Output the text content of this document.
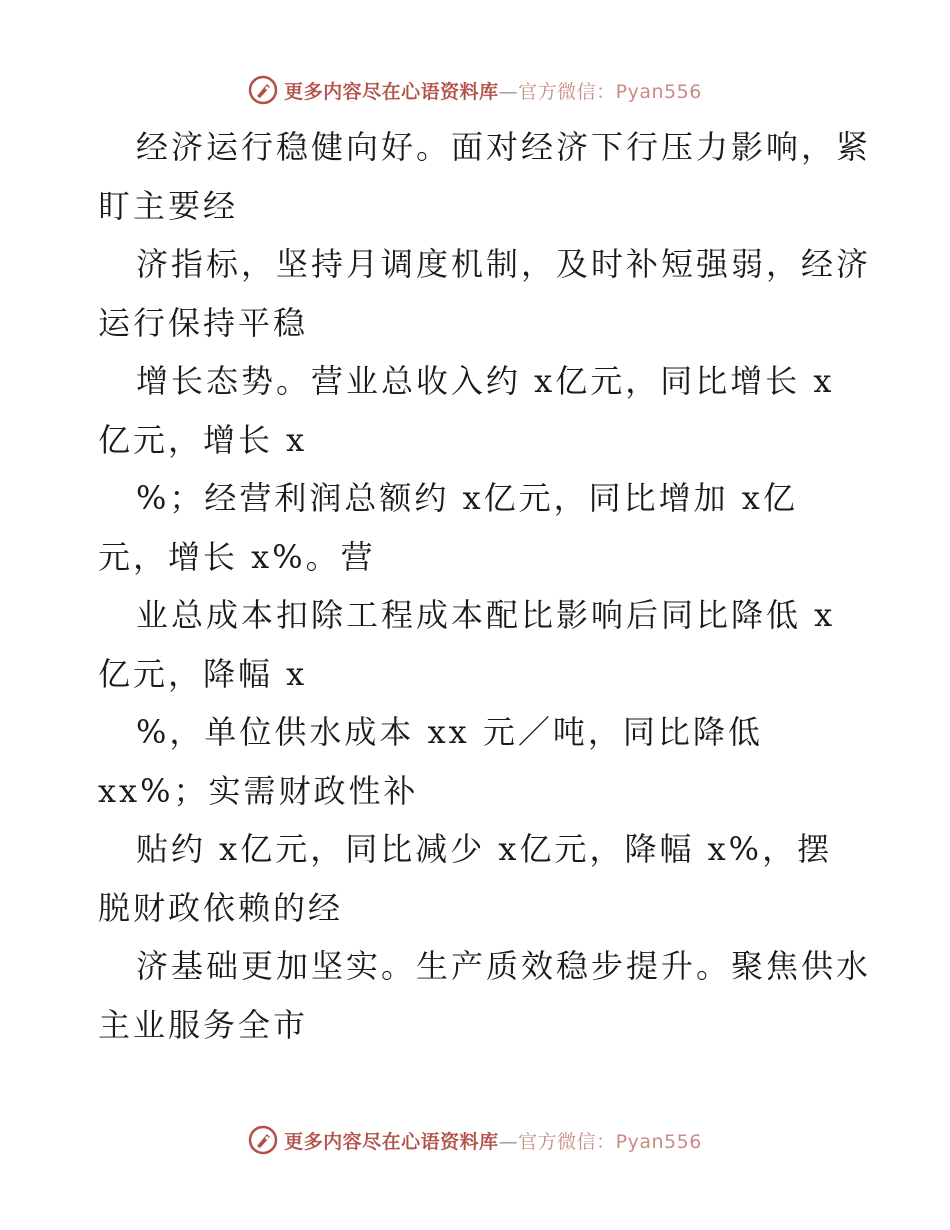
更多内容尽在心语资料库—官方微信：Pyan556
经济运行稳健向好。面对经济下行压力影响，紧
盯主要经
济指标，坚持月调度机制，及时补短强弱，经济
运行保持平稳
增长态势。营业总收入约 x亿元，同比增长 x
亿元，增长 x
%；经营利润总额约 x亿元，同比增加 x亿
元，增长 x%。营
业总成本扣除工程成本配比影响后同比降低 x
亿元，降幅 x
%，单位供水成本 xx 元／吨，同比降低
xx%；实需财政性补
贴约 x亿元，同比减少 x亿元，降幅 x%，摆
脱财政依赖的经
济基础更加坚实。生产质效稳步提升。聚焦供水
主业服务全市
更多内容尽在心语资料库—官方微信：Pyan556
